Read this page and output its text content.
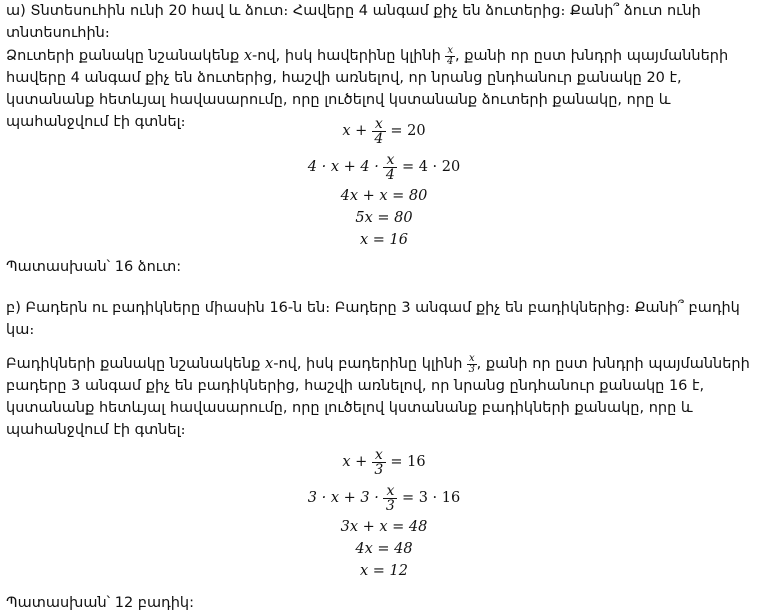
ա) Տնտեսուհին ունի 20 հավ և ձուտ։ Հավերը 4 անգամ քիչ են ձուտերից։ Քանի՞ ձուտ ունի տնտեսուհին։
Ձուտերի քանակը նշանակենք x-ով, իսկ հավերինը կլինի $\frac{x}{4}$ , քանի որ ըստ խնդրի պայմանների հավերը 4 անգամ քիչ են ձուտերից, հաշվի առնելով, որ նրանց ընդհանուր քանակը 20 է, կստանանք հետևյալ հավասարումը, որը լուծելով կստանանք ձուտերի քանակը, որը և պահանջվում էի գտնել։
$x + \frac{x}{4} = 20$
$4 \cdot x + 4 \cdot \frac{x}{4} = 4 \cdot 20$
4x + x = 80
5x = 80
x = 16
Պատասխան՝ 16 ձուտ:
բ) Բադերն ու բադիկները միասին 16-ն են։ Բադերը 3 անգամ քիչ են բադիկներից։ Քանի՞ բադիկ կա։
Բադիկների քանակը նշանակենք x-ով, իսկ բադերինը կլինի $\frac{x}{3}$ , քանի որ ըստ խնդրի պայմանների բադերը 3 անգամ քիչ են բադիկներից, հաշվի առնելով, որ նրանց ընդհանուր քանակը 16 է, կստանանք հետևյալ հավասարումը, որը լուծելով կստանանք բադիկների քանակը, որը և պահանջվում էի գտնել։
$x + \frac{x}{3} = 16$
$3 \cdot x + 3 \cdot \frac{x}{3} = 3 \cdot 16$
3x + x = 48
4x = 48
x = 12
Պատասխան՝ 12 բադիկ:
